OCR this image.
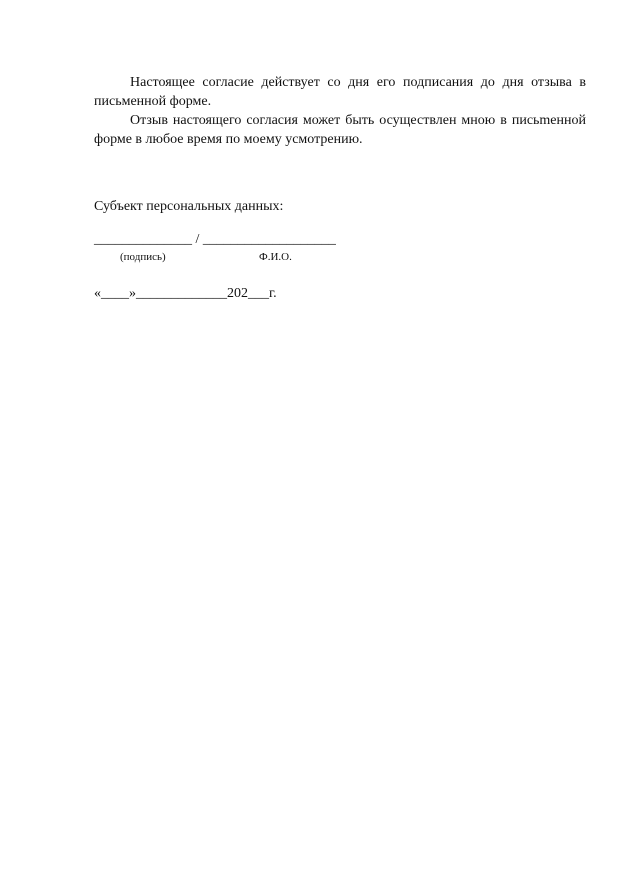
Настоящее согласие действует со дня его подписания до дня отзыва в письменной форме.

Отзыв настоящего согласия может быть осуществлен мною в письmенной форме в любое время по моему усмотрению.

Субъект персональных данных:
______________ / ___________________
(подпись)	Ф.И.О.
«____»_____________202___г.
